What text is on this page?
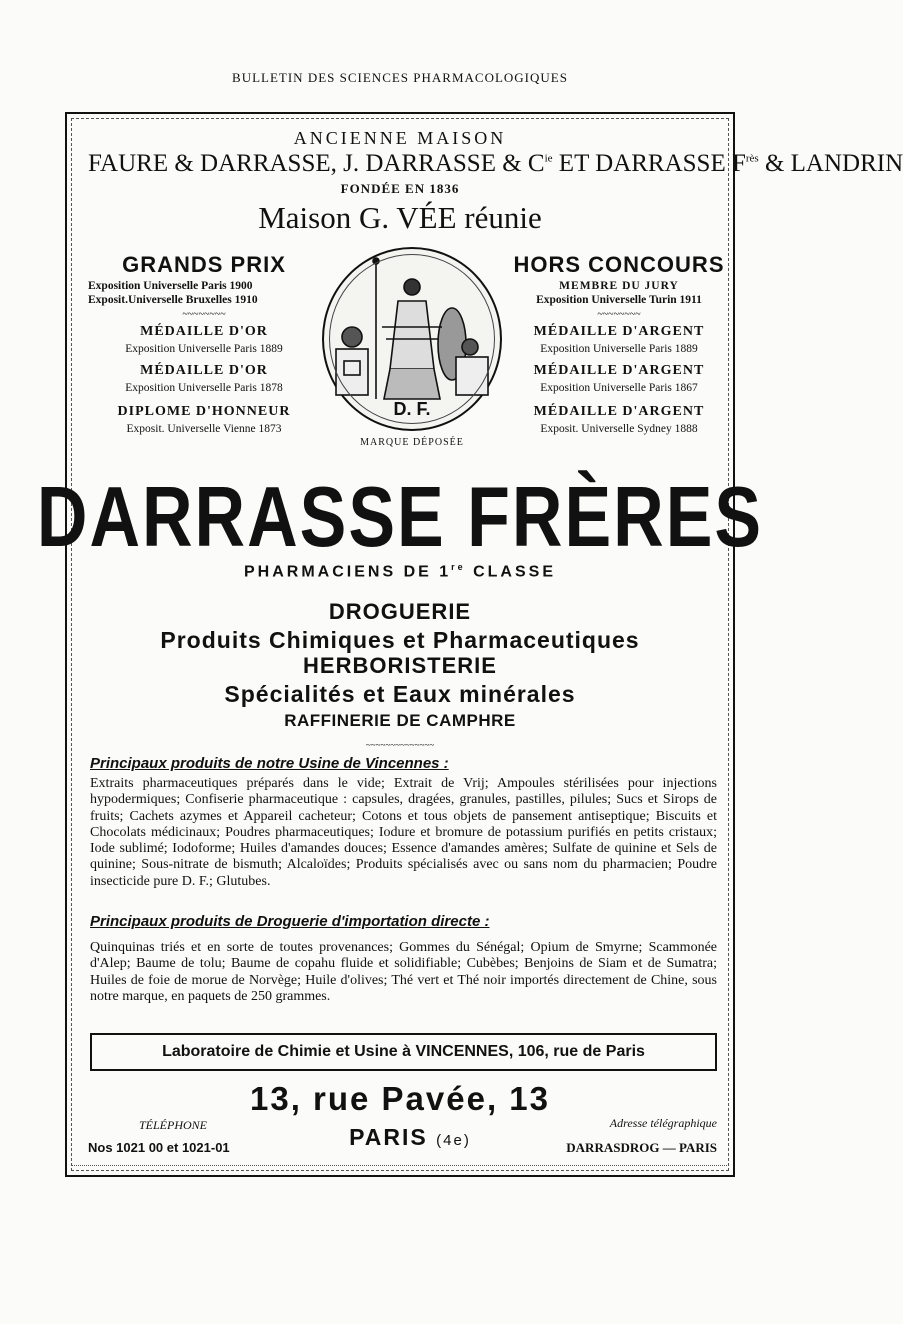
BULLETIN DES SCIENCES PHARMACOLOGIQUES
ANCIENNE MAISON
FAURE & DARRASSE, J. DARRASSE & $C^{ie}$ ET DARRASSE $F^{rès}$ & LANDRIN
FONDÉE EN 1836
Maison G. VÉE réunie
GRANDS PRIX
Exposition Universelle Paris 1900
Exposit.Universelle Bruxelles 1910
~~~~~~~~
MÉDAILLE D'OR
Exposition Universelle Paris 1889
MÉDAILLE D'OR
Exposition Universelle Paris 1878
DIPLOME D'HONNEUR
Exposit. Universelle Vienne 1873
D. F.
MARQUE DÉPOSÉE
HORS CONCOURS
MEMBRE DU JURY
Exposition Universelle Turin 1911
~~~~~~~~
MÉDAILLE D'ARGENT
Exposition Universelle Paris 1889
MÉDAILLE D'ARGENT
Exposition Universelle Paris 1867
MÉDAILLE D'ARGENT
Exposit. Universelle Sydney 1888
DARRASSE FRÈRES
PHARMACIENS DE 1re CLASSE
DROGUERIE
Produits Chimiques et Pharmaceutiques
HERBORISTERIE
Spécialités et Eaux minérales
RAFFINERIE DE CAMPHRE
~~~~~~~~~~~~~~
Principaux produits de notre Usine de Vincennes :
Extraits pharmaceutiques préparés dans le vide; Extrait de Vrij; Ampoules stérilisées pour injections hypodermiques; Confiserie pharmaceutique : capsules, dragées, granules, pastilles, pilules; Sucs et Sirops de fruits; Cachets azymes et Appareil cacheteur; Cotons et tous objets de pansement antiseptique; Biscuits et Chocolats médicinaux; Poudres pharmaceutiques; Iodure et bromure de potassium purifiés en petits cristaux; Iode sublimé; Iodoforme; Huiles d'amandes douces; Essence d'amandes amères; Sulfate de quinine et Sels de quinine; Sous-nitrate de bismuth; Alcaloïdes; Produits spécialisés avec ou sans nom du pharmacien; Poudre insecticide pure D. F.; Glutubes.
Principaux produits de Droguerie d'importation directe :
Quinquinas triés et en sorte de toutes provenances; Gommes du Sénégal; Opium de Smyrne; Scammonée d'Alep; Baume de tolu; Baume de copahu fluide et solidifiable; Cubèbes; Benjoins de Siam et de Sumatra; Huiles de foie de morue de Norvège; Huile d'olives; Thé vert et Thé noir importés directement de Chine, sous notre marque, en paquets de 250 grammes.
Laboratoire de Chimie et Usine à VINCENNES, 106, rue de Paris
13, rue Pavée, 13
TÉLÉPHONE
Nos 1021 00 et 1021-01	PARIS (4e)
Adresse télégraphique
DARRASDROG — PARIS
